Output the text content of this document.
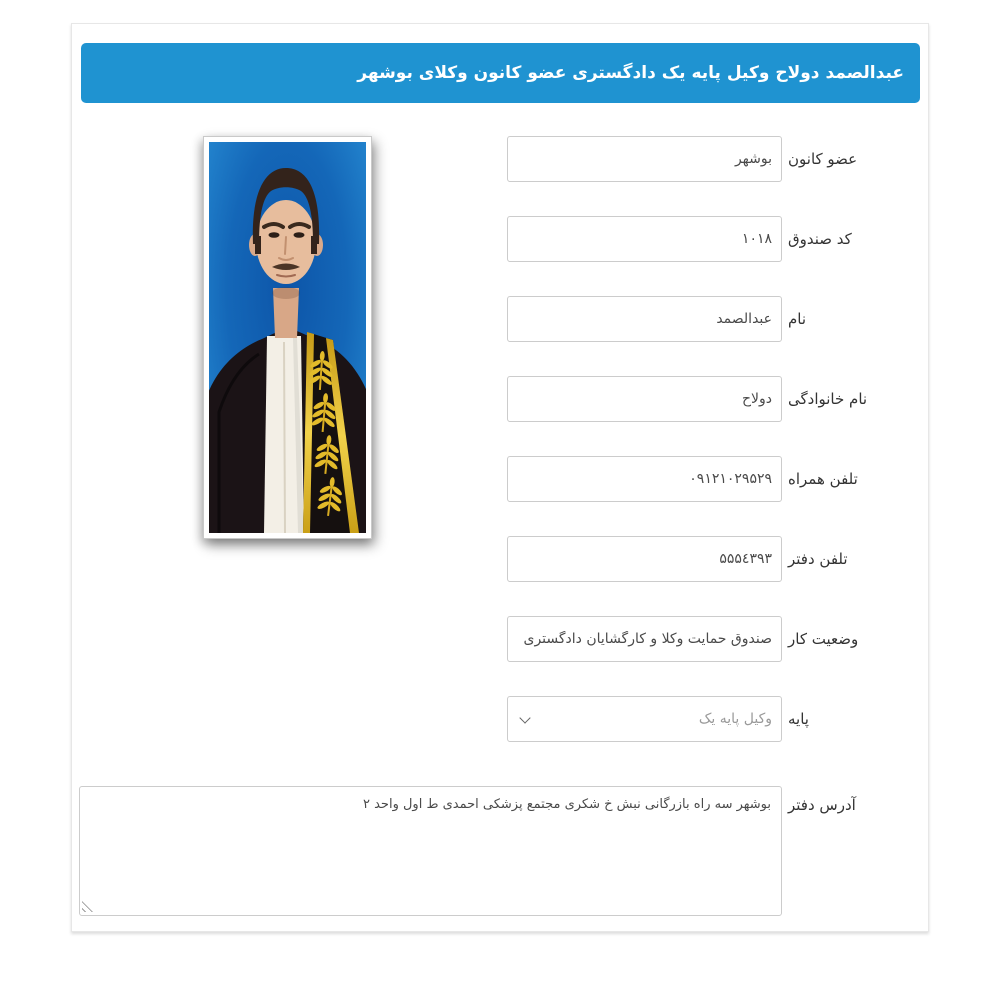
عبدالصمد دولاح وکیل پایه یک دادگستری عضو کانون وکلای بوشهر
عضو کانون
بوشهر
کد صندوق
۱۰۱۸
نام
عبدالصمد
نام خانوادگی
دولاح
تلفن همراه
۰۹۱۲۱۰۲۹۵۲۹
تلفن دفتر
۵۵۵٤۳۹۳
وضعیت کار
صندوق حمایت وکلا و کارگشایان دادگستری
پایه
وکیل پایه یک
آدرس دفتر
بوشهر سه راه بازرگانی نبش خ شکری مجتمع پزشکی احمدی ط اول واحد ۲
